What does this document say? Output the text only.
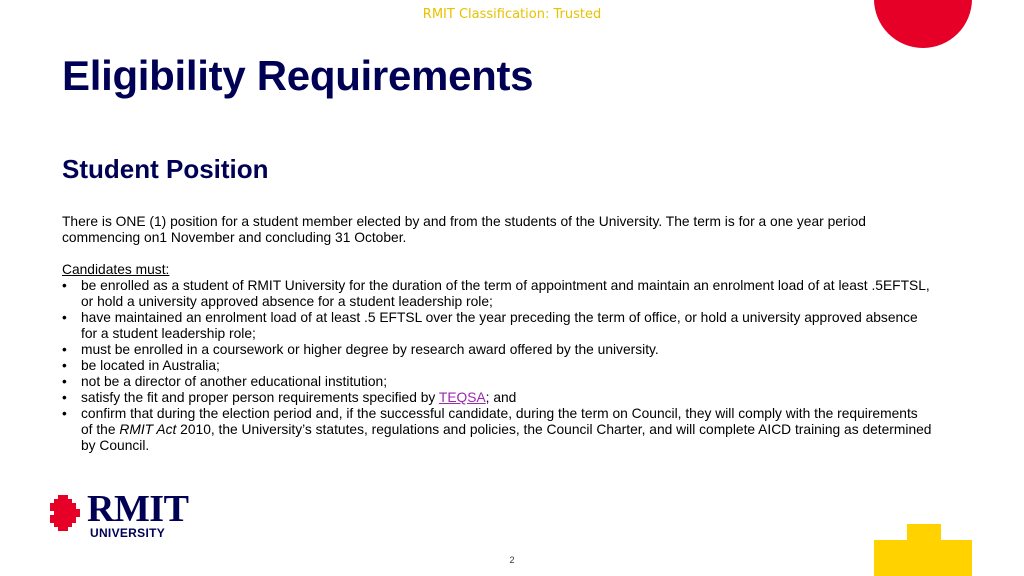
RMIT Classification: Trusted
Eligibility Requirements
Student Position

There is ONE (1) position for a student member elected by and from the students of the University. The term is for a one year period commencing on1 November and concluding 31 October.

Candidates must:

• be enrolled as a student of RMIT University for the duration of the term of appointment and maintain an enrolment load of at least .5EFTSL, or hold a university approved absence for a student leadership role;
• have maintained an enrolment load of at least .5 EFTSL over the year preceding the term of office, or hold a university approved absence for a student leadership role;
• must be enrolled in a coursework or higher degree by research award offered by the university.
• be located in Australia;
• not be a director of another educational institution;
• satisfy the fit and proper person requirements specified by TEQSA; and
• confirm that during the election period and, if the successful candidate, during the term on Council, they will comply with the requirements of the RMIT Act 2010, the University’s statutes, regulations and policies, the Council Charter, and will complete AICD training as determined by Council.
RMIT
UNIVERSITY
2
